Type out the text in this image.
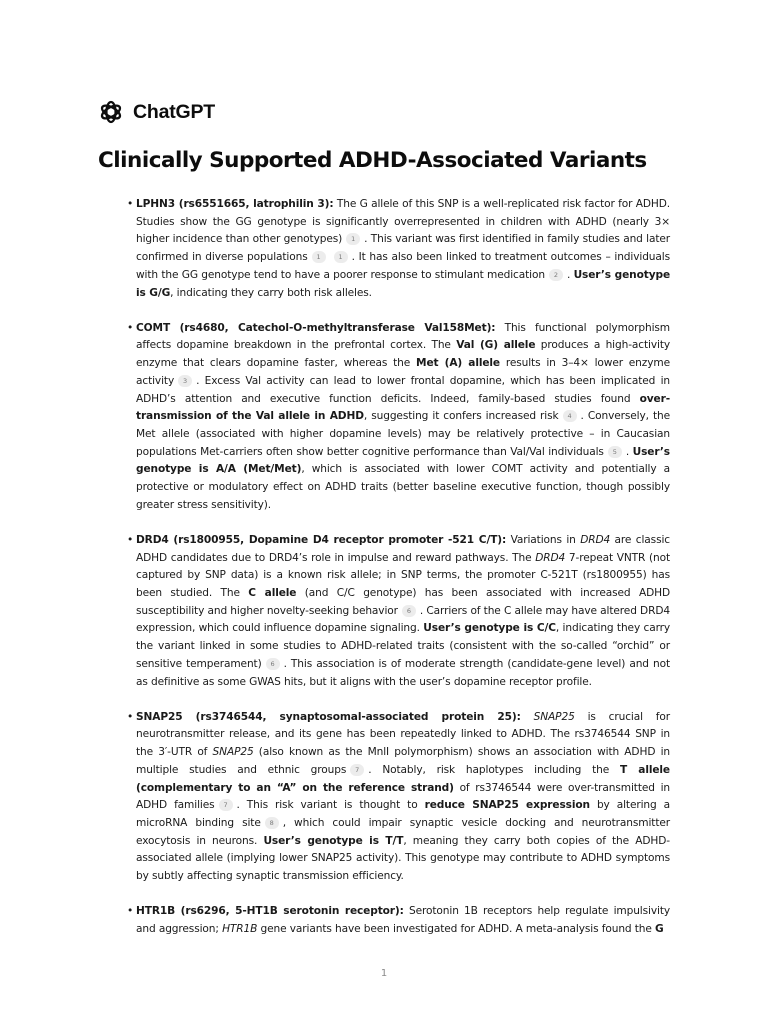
ChatGPT
Clinically Supported ADHD-Associated Variants
• LPHN3 (rs6551665, latrophilin 3): The G allele of this SNP is a well-replicated risk factor for ADHD. Studies show the GG genotype is significantly overrepresented in children with ADHD (nearly 3× higher incidence than other genotypes) 1 . This variant was first identified in family studies and later confirmed in diverse populations 1	1 . It has also been linked to treatment outcomes – individuals with the GG genotype tend to have a poorer response to stimulant medication 2 . User’s genotype is G/G, indicating they carry both risk alleles.
• COMT (rs4680, Catechol-O-methyltransferase Val158Met): This functional polymorphism affects dopamine breakdown in the prefrontal cortex. The Val (G) allele produces a high-activity enzyme that clears dopamine faster, whereas the Met (A) allele results in 3–4× lower enzyme activity 3 . Excess Val activity can lead to lower frontal dopamine, which has been implicated in ADHD’s attention and executive function deficits. Indeed, family-based studies found over-transmission of the Val allele in ADHD, suggesting it confers increased risk 4 . Conversely, the Met allele (associated with higher dopamine levels) may be relatively protective – in Caucasian populations Met-carriers often show better cognitive performance than Val/Val individuals 5 . User’s genotype is A/A (Met/Met), which is associated with lower COMT activity and potentially a protective or modulatory effect on ADHD traits (better baseline executive function, though possibly greater stress sensitivity).
• DRD4 (rs1800955, Dopamine D4 receptor promoter -521 C/T): Variations in DRD4 are classic ADHD candidates due to DRD4’s role in impulse and reward pathways. The DRD4 7-repeat VNTR (not captured by SNP data) is a known risk allele; in SNP terms, the promoter C-521T (rs1800955) has been studied. The C allele (and C/C genotype) has been associated with increased ADHD susceptibility and higher novelty-seeking behavior 6 . Carriers of the C allele may have altered DRD4 expression, which could influence dopamine signaling. User’s genotype is C/C, indicating they carry the variant linked in some studies to ADHD-related traits (consistent with the so-called “orchid” or sensitive temperament) 6 . This association is of moderate strength (candidate-gene level) and not as definitive as some GWAS hits, but it aligns with the user’s dopamine receptor profile.
• SNAP25 (rs3746544, synaptosomal-associated protein 25): SNAP25 is crucial for neurotransmitter release, and its gene has been repeatedly linked to ADHD. The rs3746544 SNP in the 3′-UTR of SNAP25 (also known as the MnlI polymorphism) shows an association with ADHD in multiple studies and ethnic groups 7 . Notably, risk haplotypes including the T allele (complementary to an “A” on the reference strand) of rs3746544 were over-transmitted in ADHD families 7 . This risk variant is thought to reduce SNAP25 expression by altering a microRNA binding site 8 , which could impair synaptic vesicle docking and neurotransmitter exocytosis in neurons. User’s genotype is T/T, meaning they carry both copies of the ADHD-associated allele (implying lower SNAP25 activity). This genotype may contribute to ADHD symptoms by subtly affecting synaptic transmission efficiency.
• HTR1B (rs6296, 5-HT1B serotonin receptor): Serotonin 1B receptors help regulate impulsivity and aggression; HTR1B gene variants have been investigated for ADHD. A meta-analysis found the G
1
